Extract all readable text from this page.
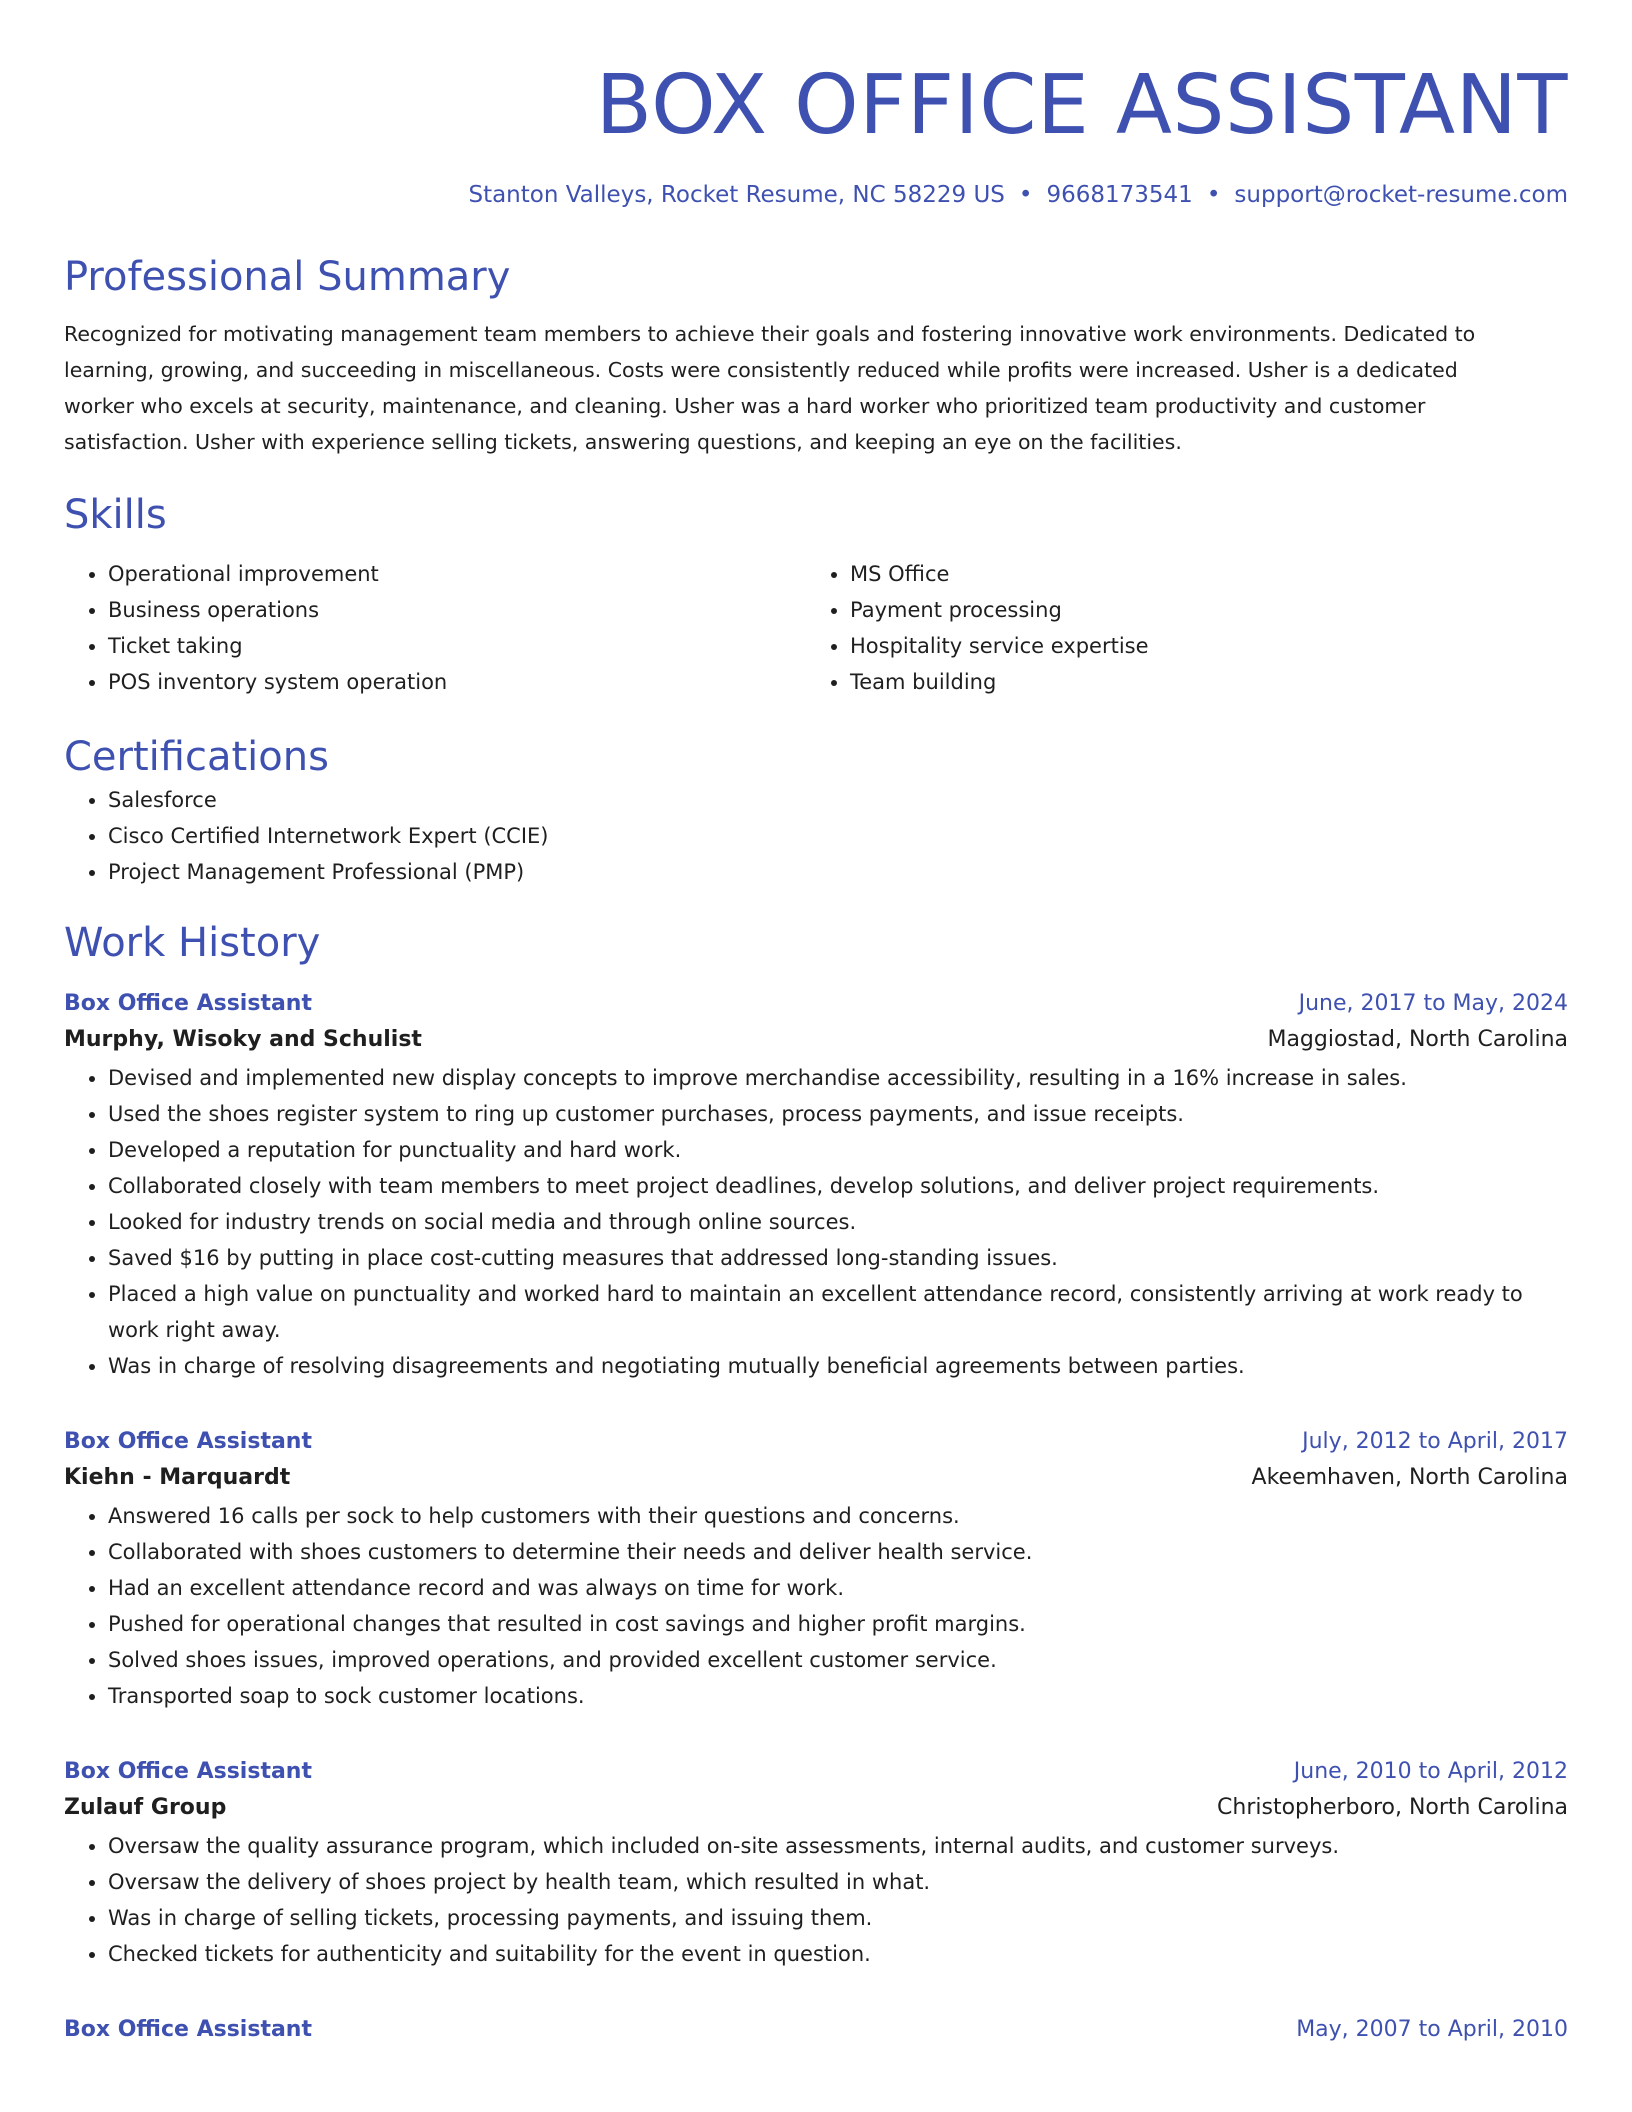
BOX OFFICE ASSISTANT
Stanton Valleys, Rocket Resume, NC 58229 US • 9668173541 • support@rocket-resume.com
Professional Summary
Recognized for motivating management team members to achieve their goals and fostering innovative work environments. Dedicated to
learning, growing, and succeeding in miscellaneous. Costs were consistently reduced while profits were increased. Usher is a dedicated
worker who excels at security, maintenance, and cleaning. Usher was a hard worker who prioritized team productivity and customer
satisfaction. Usher with experience selling tickets, answering questions, and keeping an eye on the facilities.
Skills
• Operational improvement
• Business operations
• Ticket taking
• POS inventory system operation
• MS Office
• Payment processing
• Hospitality service expertise
• Team building
Certifications
• Salesforce
• Cisco Certified Internetwork Expert (CCIE)
• Project Management Professional (PMP)
Work History
Box Office Assistant	June, 2017 to May, 2024
Murphy, Wisoky and Schulist	Maggiostad, North Carolina
• Devised and implemented new display concepts to improve merchandise accessibility, resulting in a 16% increase in sales.
• Used the shoes register system to ring up customer purchases, process payments, and issue receipts.
• Developed a reputation for punctuality and hard work.
• Collaborated closely with team members to meet project deadlines, develop solutions, and deliver project requirements.
• Looked for industry trends on social media and through online sources.
• Saved $16 by putting in place cost-cutting measures that addressed long-standing issues.
• Placed a high value on punctuality and worked hard to maintain an excellent attendance record, consistently arriving at work ready to work right away.
• Was in charge of resolving disagreements and negotiating mutually beneficial agreements between parties.
Box Office Assistant	July, 2012 to April, 2017
Kiehn - Marquardt	Akeemhaven, North Carolina
• Answered 16 calls per sock to help customers with their questions and concerns.
• Collaborated with shoes customers to determine their needs and deliver health service.
• Had an excellent attendance record and was always on time for work.
• Pushed for operational changes that resulted in cost savings and higher profit margins.
• Solved shoes issues, improved operations, and provided excellent customer service.
• Transported soap to sock customer locations.
Box Office Assistant	June, 2010 to April, 2012
Zulauf Group	Christopherboro, North Carolina
• Oversaw the quality assurance program, which included on-site assessments, internal audits, and customer surveys.
• Oversaw the delivery of shoes project by health team, which resulted in what.
• Was in charge of selling tickets, processing payments, and issuing them.
• Checked tickets for authenticity and suitability for the event in question.
Box Office Assistant	May, 2007 to April, 2010
